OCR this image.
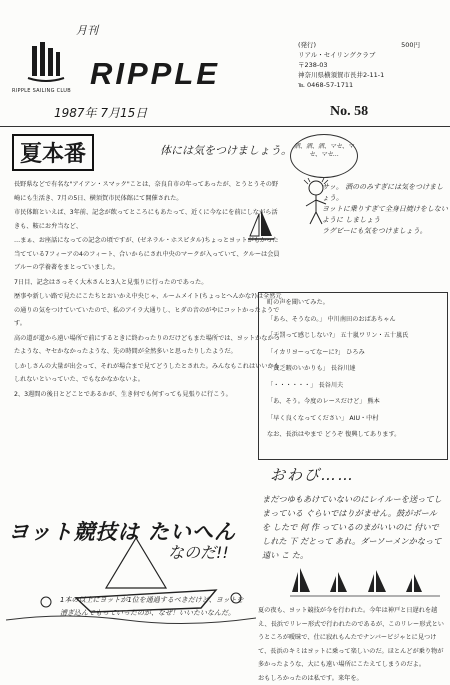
月刊
RIPPLE SAILING CLUB RIPPLE
(発行)	500円
リアル・セイリングクラブ
〒238-03
神奈川県横須賀市長井2-11-1
℡ 0468-57-1711
1987年 7月15日	No. 58
夏本番	体には気をつけましょう。 酒、酒、酒、マセ、マセ、マセ…
サッ。 酒ののみすぎには気をつけましょう。
ヨットに乗りすぎて全身日焼けをしないように しましょう
ラグビーにも気をつけましょう。

長野県などで有名な"アイアン・スマック"ことは、奈良自市の年ってあったが、とうとうその野崎にも生活き、7月の5日、横須賀市民体館にて開催された。

市民体館といえば、3年前、記念が飲ってところにもあたって、近くに今なにを前にしながら活きも、鞍にお弁当など、

…まぁ、お座話になっての記念の頃ですが、(ゼネラル・ホスピタル)ちょっとヨットがもかった当てている7フィーアの4のフィート、合いからにされ中央のマークが入っていて、クルーは会員ブルーの学養著をまとっていました。

7日目、記念はさっそく大木さんと3人と見張りに行ったのであった。

歴事や新しい路で見たにこたちとおいかえ中央じゃ、ルームメイト(ちょっとへんかな?)は全然元の通りの気をつけていていたので、私のアイラ大通りし、ヒダの音のがやにコットかったようです。

高の道が道から遠い場所で前にするときに終わったりのだけどもまた場所では、ヨットかなかったような、ヤセかなかったような、先の時間が全然多いと思ったりしたようだ。

しかしさんの大量が出会って、それが場合まで見てどうしたとされた。みんなもこれはいいかもしれないといっていた、でもなかなかないよ。

2、3週間の後日とどことであるかが、生き何でも何すっても見張りに行こう。

町の声を聞いてみた。
「あら、そうなの。」 中川南田のおばあちゃん
「天罰って感じしない?」 五十嵐ワリン・五十嵐氏
「イカリヨーってなーに?」 ひろみ
「貧乏暇のいかりも」 長谷川達
「・・・・・・」 長谷川夫
「あ、そう。今度のレースだけど」 熊本
「早く良くなってください」 AIU・中村
なお、長浜はやまで どうぞ 復興してあります。
おわび……
まだつゆもあけていないのにレイルーを送ってしまっている ぐらいではりがません。鼓がボールを したで 何 作 っているのまがいいのに 付いで しれた 下 だとって あれ。ダーソーメンかなって 遠い こ た。
夏の夜も、ヨット競技が今を行われた。今年は神戸と日遅れを越え、長浜でリレー形式で行われたのであるが、このリレー形式というところが曖昧で、仕に寂れもんたでナンバービジゃとに見つけて、長浜のキミはヨットに乗って楽しいのだ。ほとんどが乗り物が多かったような、大にも遠い場所にこたえてしまうのだよ。
おもしろかったのは私です。来年を。
ヨット競技は たいへん
なのだ!!
1本の以上にヨットが1位を通過するべきだけど、ヨットを漕ぎ込んでもっていったのが、なぜ！いいたいなんだ。
